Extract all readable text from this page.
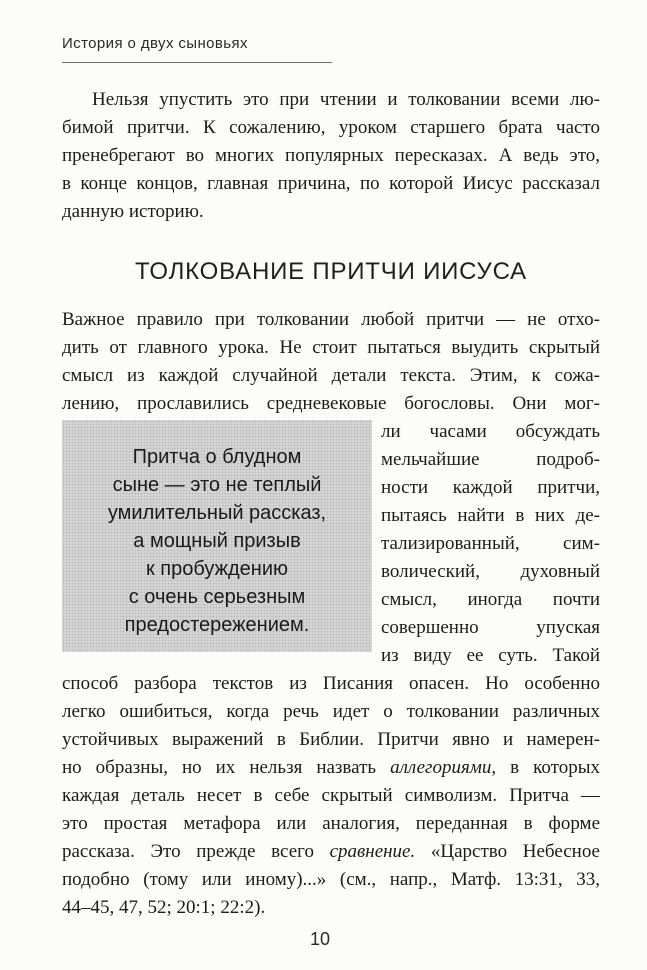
История о двух сыновьях
Нельзя упустить это при чтении и толковании всеми лю-
бимой притчи. К сожалению, уроком старшего брата часто
пренебрегают во многих популярных пересказах. А ведь это,
в конце концов, главная причина, по которой Иисус рассказал
данную историю.
ТОЛКОВАНИЕ ПРИТЧИ ИИСУСА
Важное правило при толковании любой притчи — не отхо-
дить от главного урока. Не стоит пытаться выудить скрытый
смысл из каждой случайной детали текста. Этим, к сожа-
лению, прославились средневековые богословы. Они мог-
Притча о блудном
сыне — это не теплый
умилительный рассказ,
а мощный призыв
к пробуждению
с очень серьезным
предостережением.
ли часами обсуждать
мельчайшие подроб-
ности каждой притчи,
пытаясь найти в них де-
тализированный, сим-
волический, духовный
смысл, иногда почти
совершенно упуская
из виду ее суть. Такой
способ разбора текстов из Писания опасен. Но особенно
легко ошибиться, когда речь идет о толковании различных
устойчивых выражений в Библии. Притчи явно и намерен-
но образны, но их нельзя назвать аллегориями, в которых
каждая деталь несет в себе скрытый символизм. Притча —
это простая метафора или аналогия, переданная в форме
рассказа. Это прежде всего сравнение. «Царство Небесное
подобно (тому или иному)...» (см., напр., Матф. 13:31, 33,
44–45, 47, 52; 20:1; 22:2).
10
